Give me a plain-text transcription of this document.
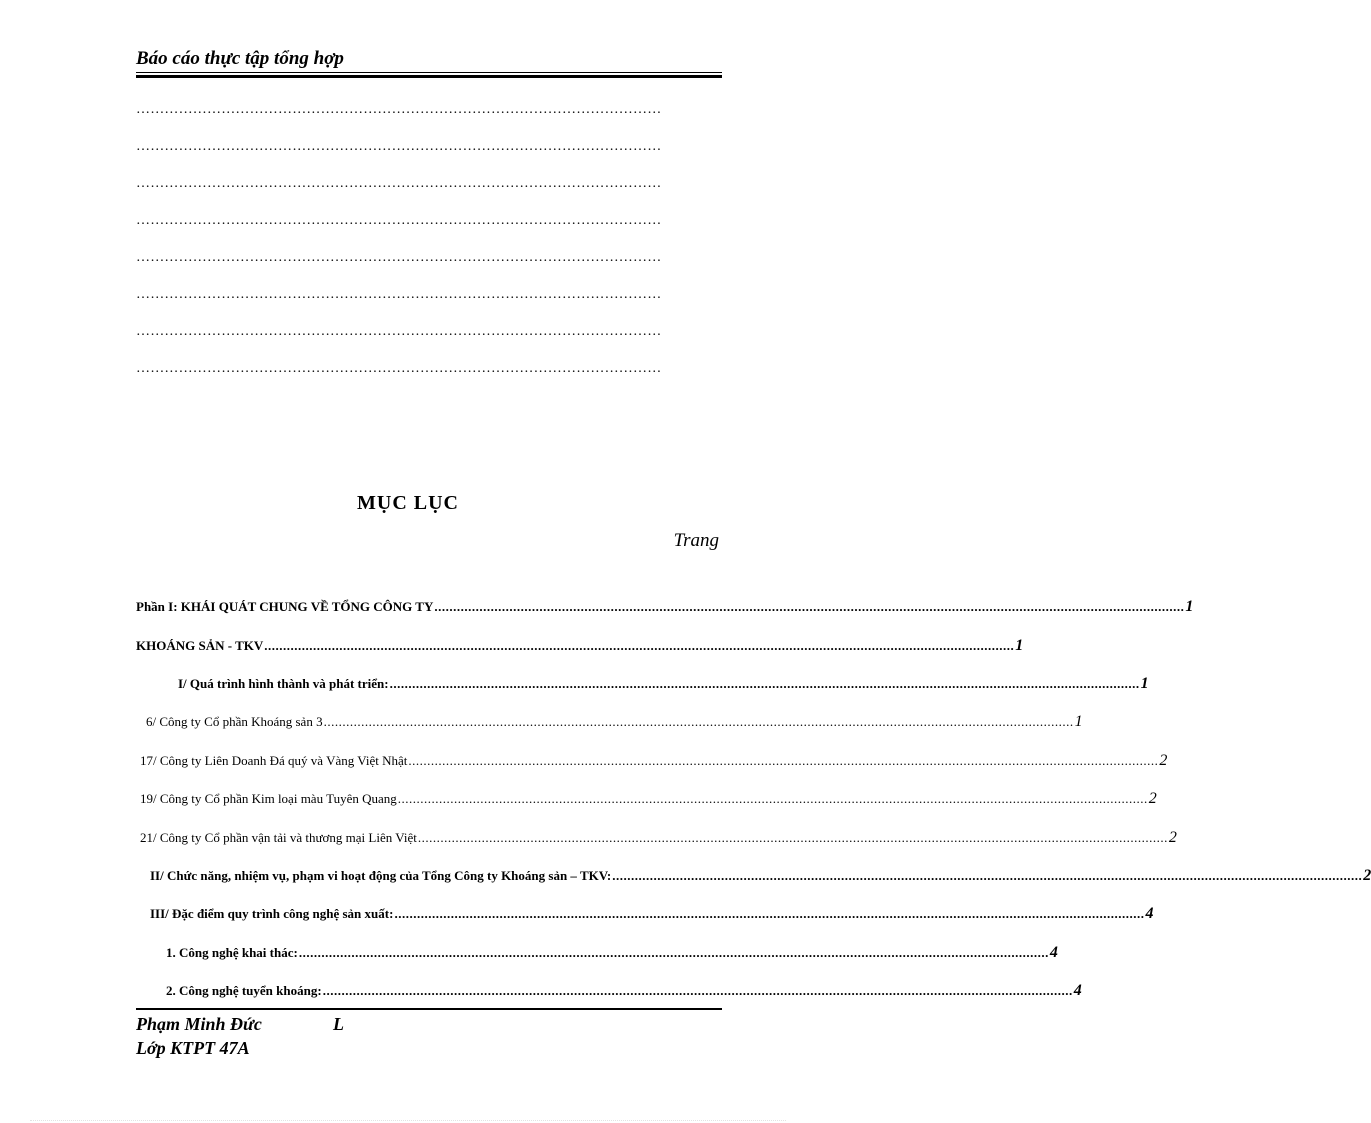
Báo cáo thực tập tổng hợp
…………………………………………………………………………………………………
…………………………………………………………………………………………………
…………………………………………………………………………………………………
…………………………………………………………………………………………………
…………………………………………………………………………………………………
…………………………………………………………………………………………………
…………………………………………………………………………………………………
…………………………………………………………………………………………………
MỤC LỤC
Trang
Phần I: KHÁI QUÁT CHUNG VỀ TỔNG CÔNG TY ........................................................................................................................................................................................................ 1
KHOÁNG SẢN - TKV ........................................................................................................................................................................................................ 1
I/ Quá trình hình thành và phát triển: ........................................................................................................................................................................................................ 1
6/ Công ty Cổ phần Khoáng sản 3 ........................................................................................................................................................................................................ 1
17/ Công ty Liên Doanh Đá quý và Vàng Việt Nhật ........................................................................................................................................................................................................ 2
19/ Công ty Cổ phần Kim loại màu Tuyên Quang ........................................................................................................................................................................................................ 2
21/ Công ty Cổ phần vận tải và thương mại Liên Việt ........................................................................................................................................................................................................ 2
II/ Chức năng, nhiệm vụ, phạm vi hoạt động của Tổng Công ty Khoáng sản – TKV: ........................................................................................................................................................................................................ 2
III/ Đặc điểm quy trình công nghệ sản xuất: ........................................................................................................................................................................................................ 4
1. Công nghệ khai thác: ........................................................................................................................................................................................................ 4
2. Công nghệ tuyển khoáng: ........................................................................................................................................................................................................ 4
Phạm Minh Đức	L
Lớp KTPT 47A
